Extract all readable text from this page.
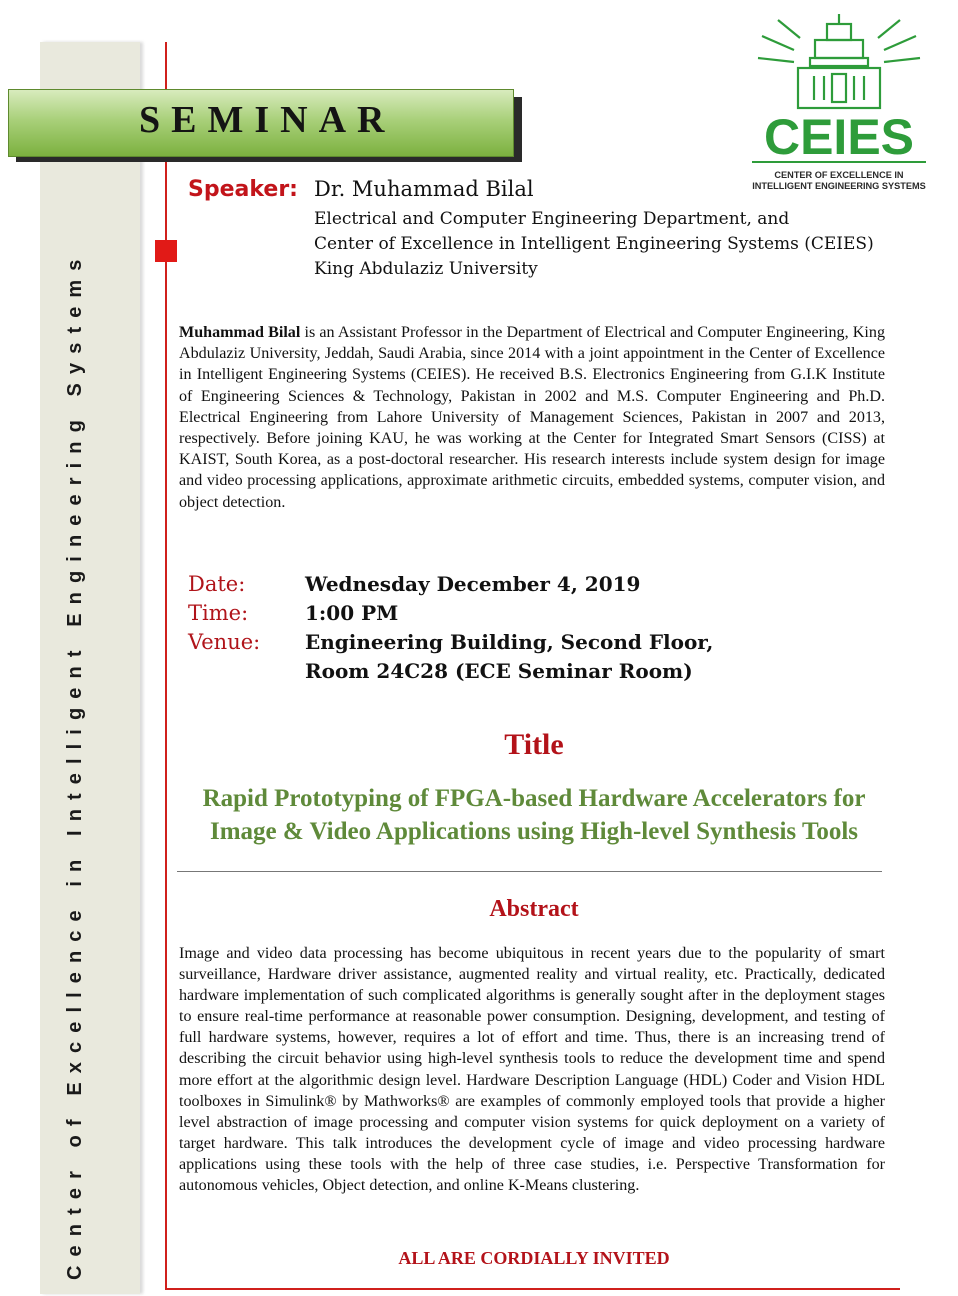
Center of Excellence in Intelligent Engineering Systems
SEMINAR	CEIES
CENTER OF EXCELLENCE IN
INTELLIGENT ENGINEERING SYSTEMS
Speaker: Dr. Muhammad Bilal
Electrical and Computer Engineering Department, and
Center of Excellence in Intelligent Engineering Systems (CEIES)
King Abdulaziz University
Muhammad Bilal is an Assistant Professor in the Department of Electrical and Computer Engineering, King Abdulaziz University, Jeddah, Saudi Arabia, since 2014 with a joint appointment in the Center of Excellence in Intelligent Engineering Systems (CEIES). He received B.S. Electronics Engineering from G.I.K Institute of Engineering Sciences & Technology, Pakistan in 2002 and M.S. Computer Engineering and Ph.D. Electrical Engineering from Lahore University of Management Sciences, Pakistan in 2007 and 2013, respectively. Before joining KAU, he was working at the Center for Integrated Smart Sensors (CISS) at KAIST, South Korea, as a post-doctoral researcher. His research interests include system design for image and video processing applications, approximate arithmetic circuits, embedded systems, computer vision, and object detection.
Date:	Wednesday December 4, 2019
Time:	1:00 PM
Venue: Engineering Building, Second Floor,
Room 24C28 (ECE Seminar Room)
Title
Rapid Prototyping of FPGA-based Hardware Accelerators for
Image & Video Applications using High-level Synthesis Tools
Abstract
Image and video data processing has become ubiquitous in recent years due to the popularity of smart surveillance, Hardware driver assistance, augmented reality and virtual reality, etc. Practically, dedicated hardware implementation of such complicated algorithms is generally sought after in the deployment stages to ensure real-time performance at reasonable power consumption. Designing, development, and testing of full hardware systems, however, requires a lot of effort and time. Thus, there is an increasing trend of describing the circuit behavior using high-level synthesis tools to reduce the development time and spend more effort at the algorithmic design level. Hardware Description Language (HDL) Coder and Vision HDL toolboxes in Simulink® by Mathworks® are examples of commonly employed tools that provide a higher level abstraction of image processing and computer vision systems for quick deployment on a variety of target hardware. This talk introduces the development cycle of image and video processing hardware applications using these tools with the help of three case studies, i.e. Perspective Transformation for autonomous vehicles, Object detection, and online K-Means clustering.
ALL ARE CORDIALLY INVITED
